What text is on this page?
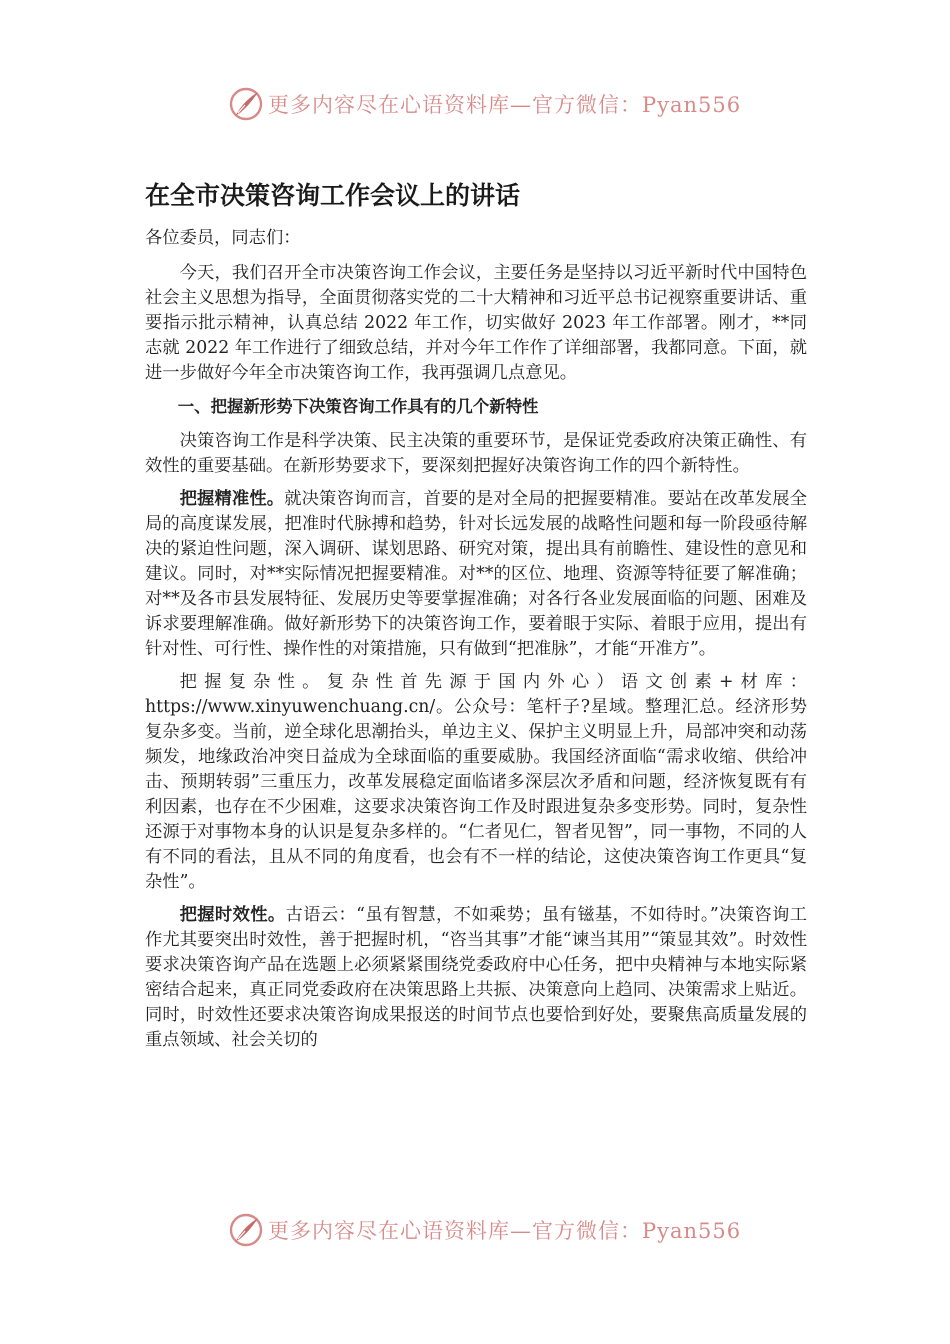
更多内容尽在心语资料库—官方微信：Pyan556
在全市决策咨询工作会议上的讲话

各位委员，同志们：

今天，我们召开全市决策咨询工作会议，主要任务是坚持以习近平新时代中国特色社会主义思想为指导，全面贯彻落实党的二十大精神和习近平总书记视察重要讲话、重要指示批示精神，认真总结 2022 年工作，切实做好 2023 年工作部署。刚才，**同志就 2022 年工作进行了细致总结，并对今年工作作了详细部署，我都同意。下面，就进一步做好今年全市决策咨询工作，我再强调几点意见。

一、把握新形势下决策咨询工作具有的几个新特性

决策咨询工作是科学决策、民主决策的重要环节，是保证党委政府决策正确性、有效性的重要基础。在新形势要求下，要深刻把握好决策咨询工作的四个新特性。

把握精准性。就决策咨询而言，首要的是对全局的把握要精准。要站在改革发展全局的高度谋发展，把准时代脉搏和趋势，针对长远发展的战略性问题和每一阶段亟待解决的紧迫性问题，深入调研、谋划思路、研究对策，提出具有前瞻性、建设性的意见和建议。同时，对**实际情况把握要精准。对**的区位、地理、资源等特征要了解准确；对**及各市县发展特征、发展历史等要掌握准确；对各行各业发展面临的问题、困难及诉求要理解准确。做好新形势下的决策咨询工作，要着眼于实际、着眼于应用，提出有针对性、可行性、操作性的对策措施，只有做到“把准脉”，才能“开准方”。

把握复杂性。复杂性首先源于国内外心）语文创素+材库：https://www.xinyuwenchuang.cn/。公众号：笔杆子?星域。整理汇总。经济形势复杂多变。当前，逆全球化思潮抬头，单边主义、保护主义明显上升，局部冲突和动荡频发，地缘政治冲突日益成为全球面临的重要威胁。我国经济面临“需求收缩、供给冲击、预期转弱”三重压力，改革发展稳定面临诸多深层次矛盾和问题，经济恢复既有有利因素，也存在不少困难，这要求决策咨询工作及时跟进复杂多变形势。同时，复杂性还源于对事物本身的认识是复杂多样的。“仁者见仁，智者见智”，同一事物，不同的人有不同的看法，且从不同的角度看，也会有不一样的结论，这使决策咨询工作更具“复杂性”。

把握时效性。古语云：“虽有智慧，不如乘势；虽有镃基，不如待时。”决策咨询工作尤其要突出时效性，善于把握时机，“咨当其事”才能“谏当其用”“策显其效”。时效性要求决策咨询产品在选题上必须紧紧围绕党委政府中心任务，把中央精神与本地实际紧密结合起来，真正同党委政府在决策思路上共振、决策意向上趋同、决策需求上贴近。同时，时效性还要求决策咨询成果报送的时间节点也要恰到好处，要聚焦高质量发展的重点领域、社会关切的

更多内容尽在心语资料库—官方微信：Pyan556
